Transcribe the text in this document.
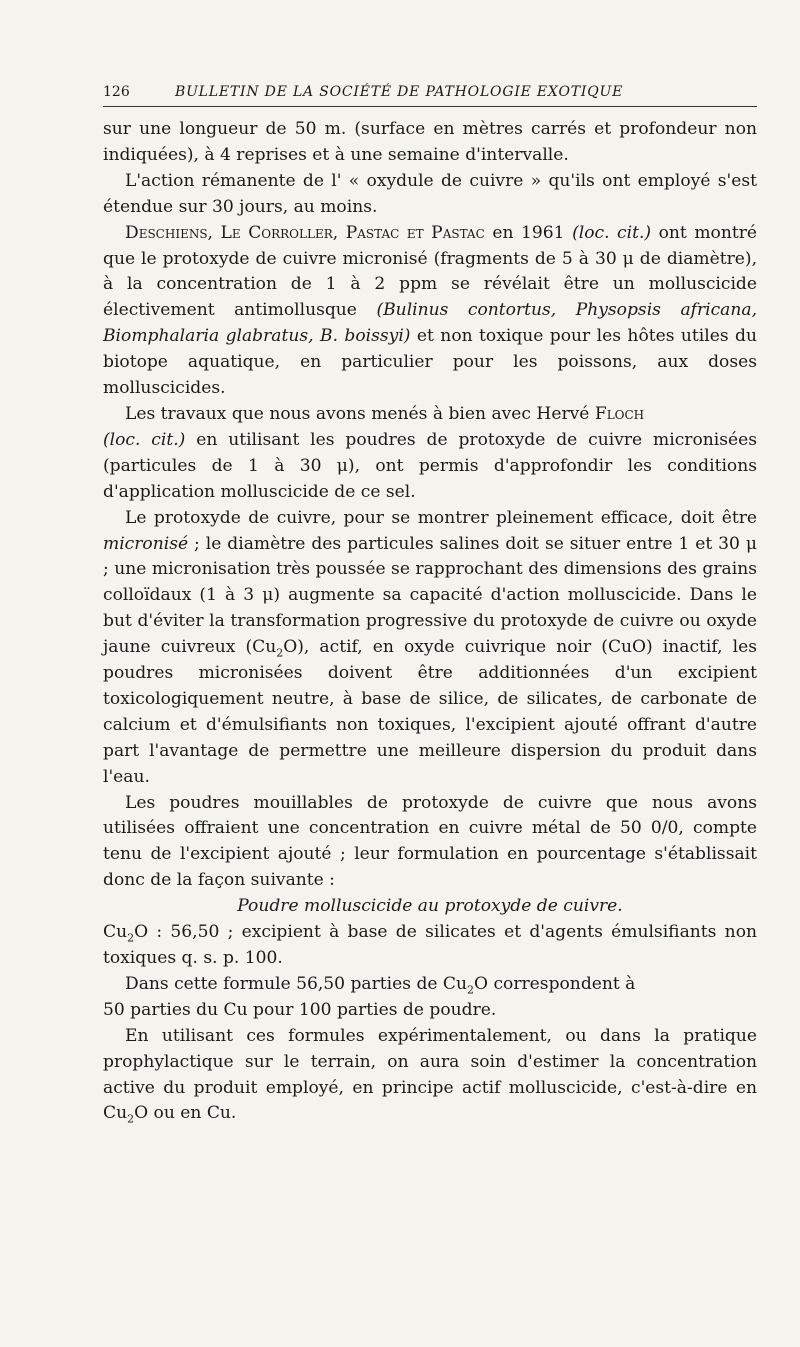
126	BULLETIN DE LA SOCIÉTÉ DE PATHOLOGIE EXOTIQUE

sur une longueur de 50 m. (surface en mètres carrés et profondeur non indiquées), à 4 reprises et à une semaine d'intervalle.

L'action rémanente de l' « oxydule de cuivre » qu'ils ont employé s'est étendue sur 30 jours, au moins.

Deschiens, Le Corroller, Pastac et Pastac en 1961 (loc. cit.) ont montré que le protoxyde de cuivre micronisé (fragments de 5 à 30 μ de diamètre), à la concentration de 1 à 2 ppm se révélait être un molluscicide électivement antimollusque (Bulinus contortus, Physopsis africana, Biomphalaria glabratus, B. boissyi) et non toxique pour les hôtes utiles du biotope aquatique, en particulier pour les poissons, aux doses molluscicides.

Les travaux que nous avons menés à bien avec Hervé Floch
(loc. cit.) en utilisant les poudres de protoxyde de cuivre micronisées (particules de 1 à 30 μ), ont permis d'approfondir les conditions d'application molluscicide de ce sel.

Le protoxyde de cuivre, pour se montrer pleinement efficace, doit être micronisé ; le diamètre des particules salines doit se situer entre 1 et 30 μ ; une micronisation très poussée se rapprochant des dimensions des grains colloïdaux (1 à 3 μ) augmente sa capacité d'action molluscicide. Dans le but d'éviter la transformation progressive du protoxyde de cuivre ou oxyde jaune cuivreux $(Cu_2O)$, actif, en oxyde cuivrique noir (CuO) inactif, les poudres micronisées doivent être additionnées d'un excipient toxicologiquement neutre, à base de silice, de silicates, de carbonate de calcium et d'émulsifiants non toxiques, l'excipient ajouté offrant d'autre part l'avantage de permettre une meilleure dispersion du produit dans l'eau.

Les poudres mouillables de protoxyde de cuivre que nous avons utilisées offraient une concentration en cuivre métal de 50 0/0, compte tenu de l'excipient ajouté ; leur formulation en pourcentage s'établissait donc de la façon suivante :

Poudre molluscicide au protoxyde de cuivre.

$Cu_2O$ : 56,50 ; excipient à base de silicates et d'agents émulsifiants non toxiques q. s. p. 100.

Dans cette formule 56,50 parties de $Cu_2O$ correspondent à
50 parties du Cu pour 100 parties de poudre.

En utilisant ces formules expérimentalement, ou dans la pratique prophylactique sur le terrain, on aura soin d'estimer la concentration active du produit employé, en principe actif molluscicide, c'est-à-dire en $Cu_2O$ ou en Cu.
